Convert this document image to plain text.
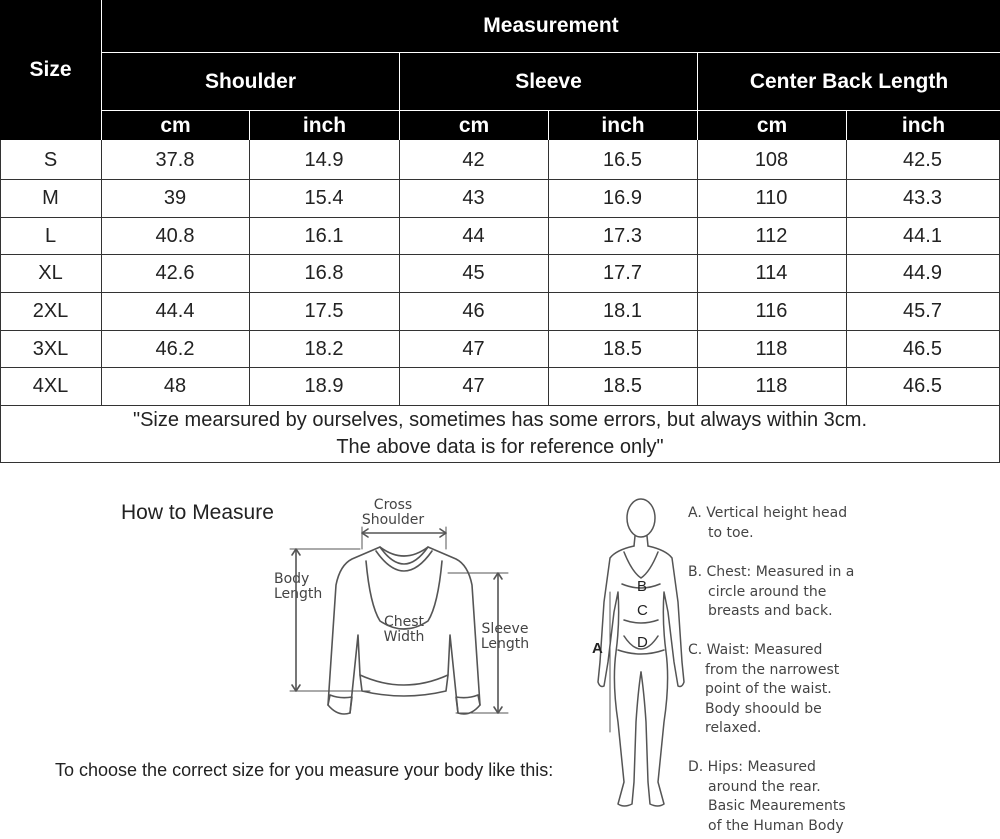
Size
Measurement
Shoulder	Sleeve	Center Back Length
cm	inch	cm	inch	cm	inch
S	37.8	14.9	42	16.5	108	42.5
M	39	15.4	43	16.9	110	43.3
L	40.8	16.1	44	17.3	112	44.1
XL	42.6	16.8	45	17.7	114	44.9
2XL	44.4	17.5	46	18.1	116	45.7
3XL	46.2	18.2	47	18.5	118	46.5
4XL	48	18.9	47	18.5	118	46.5
"Size mearsured by ourselves, sometimes has some errors, but always within 3cm.
The above data is for reference only"
How to Measure	Cross
Shoulder
Body
Length
Chest
Width	Sleeve
Length
To choose the correct size for you measure your body like this:
A
B
C
D
A. Vertical height head
to toe.
B. Chest: Measured in a
circle around the
breasts and back.
C. Waist: Measured
from the narrowest
point of the waist.
Body shoould be
relaxed.
D. Hips: Measured
around the rear.
Basic Meaurements
of the Human Body
